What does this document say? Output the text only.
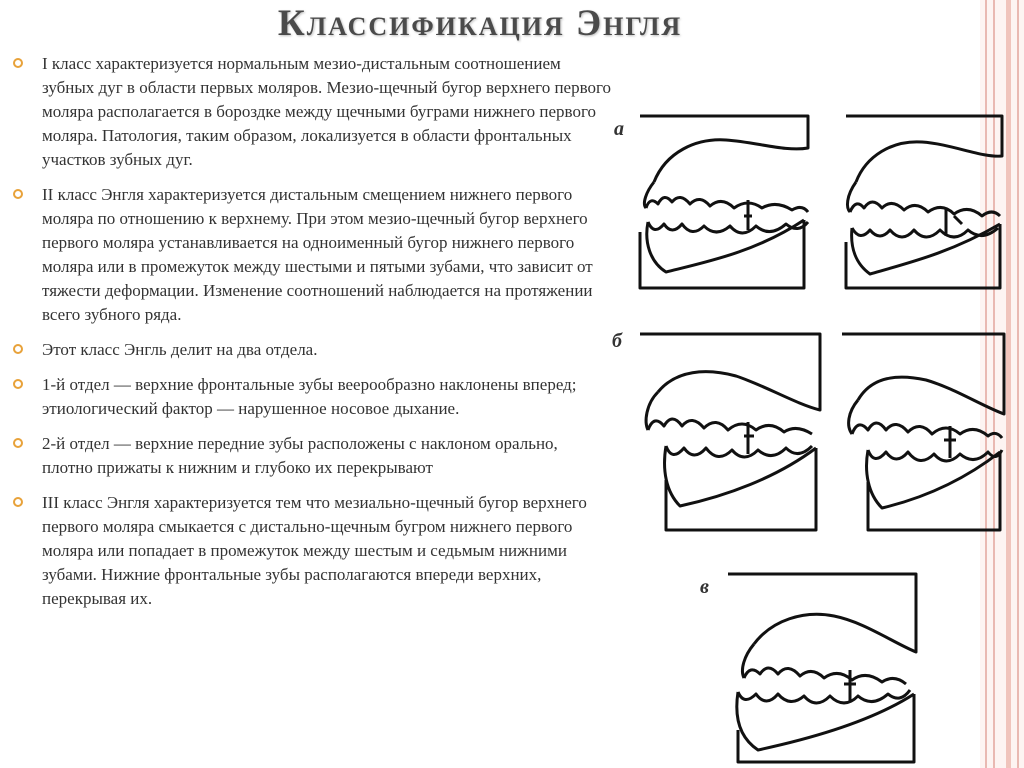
Классификация Энгля
I класс характеризуется нормальным мезио-дистальным соотношением зубных дуг в области первых моляров. Мезио-щечный бугор верхнего первого моляра располагается в бороздке между щечными буграми нижнего первого моляра. Патология, таким образом, локализуется в области фронтальных участков зубных дуг.
II класс Энгля характеризуется дистальным смещением нижнего первого моляра по отношению к верхнему. При этом мезио-щечный бугор верхнего первого моляра устанавливается на одноименный бугор нижнего первого моляра или в промежуток между шестыми и пятыми зубами, что зависит от тяжести деформации. Изменение соотношений наблюдается на протяжении всего зубного ряда.
Этот класс Энгль делит на два отдела.
1-й отдел — верхние фронтальные зубы веерообразно наклонены вперед; этиологический фактор — нарушенное носовое дыхание.
2-й отдел — верхние передние зубы расположены с наклоном орально, плотно прижаты к нижним и глубоко их перекрывают
III класс Энгля характеризуется тем что мезиально-щечный бугор верхнего первого моляра смыкается с дистально-щечным бугром нижнего первого моляра или попадает в промежуток между шестым и седьмым нижними зубами. Нижние фронтальные зубы располагаются впереди верхних, перекрывая их.
а
б
в
